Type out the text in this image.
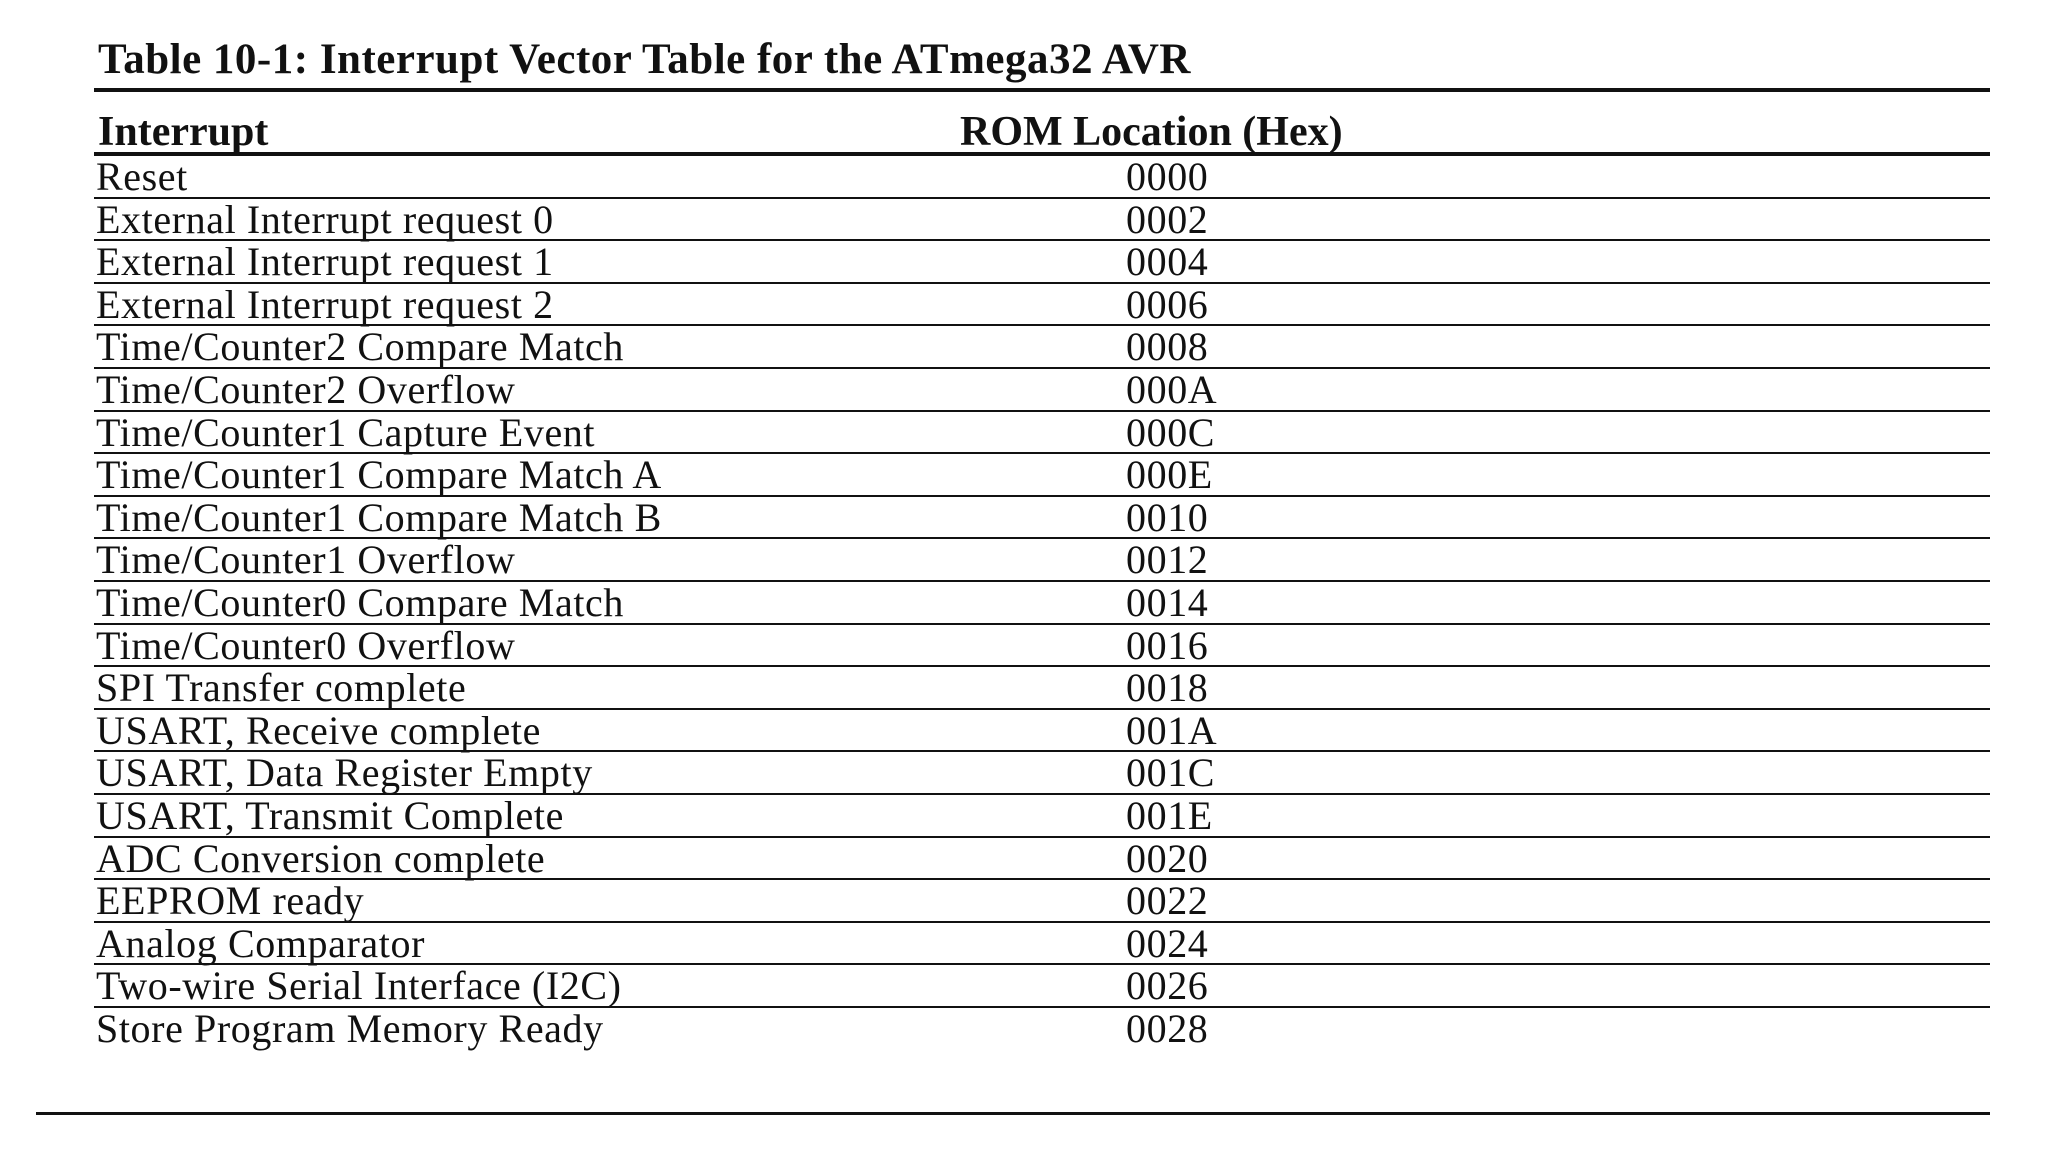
Table 10-1: Interrupt Vector Table for the ATmega32 AVR
Interrupt	ROM Location (Hex)
Reset	0000
External Interrupt request 0	0002
External Interrupt request 1	0004
External Interrupt request 2	0006
Time/Counter2 Compare Match	0008
Time/Counter2 Overflow	000A
Time/Counter1 Capture Event	000C
Time/Counter1 Compare Match A	000E
Time/Counter1 Compare Match B	0010
Time/Counter1 Overflow	0012
Time/Counter0 Compare Match	0014
Time/Counter0 Overflow	0016
SPI Transfer complete	0018
USART, Receive complete	001A
USART, Data Register Empty	001C
USART, Transmit Complete	001E
ADC Conversion complete	0020
EEPROM ready	0022
Analog Comparator	0024
Two-wire Serial Interface (I2C)	0026
Store Program Memory Ready	0028
